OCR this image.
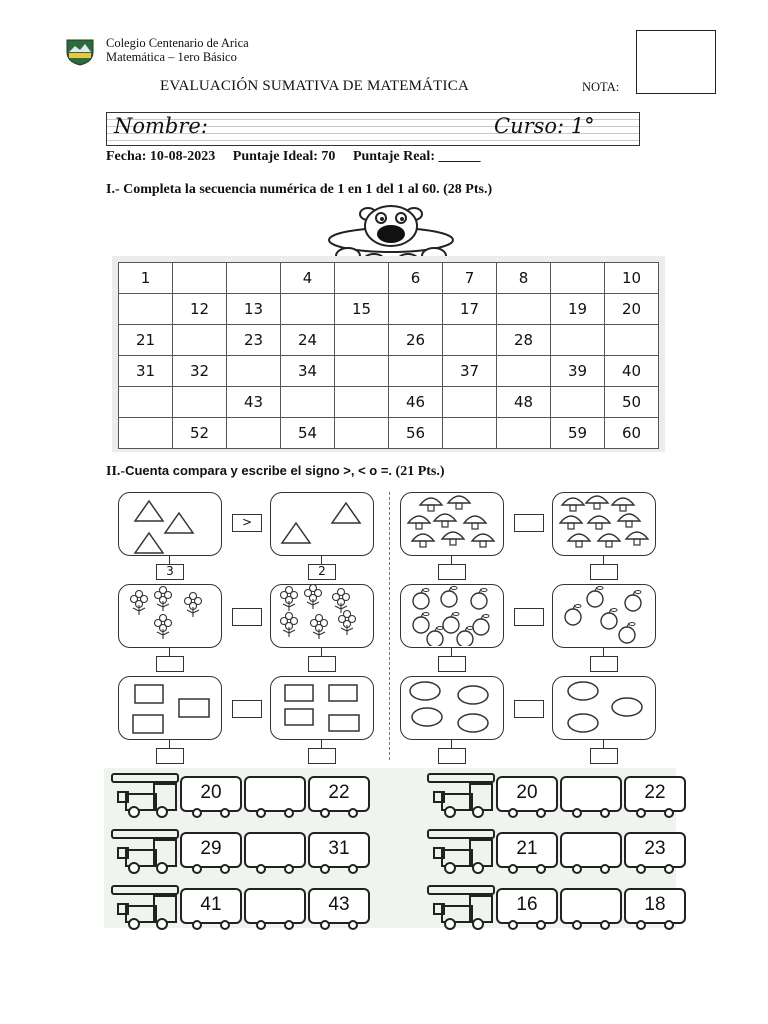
Colegio Centenario de Arica
Matemática – 1ero Básico
EVALUACIÓN SUMATIVA DE MATEMÁTICA	NOTA:
Nombre:	Curso: 1°
Fecha: 10-08-2023 Puntaje Ideal: 70 Puntaje Real: ______
I.- Completa la secuencia numérica de 1 en 1 del 1 al 60. (28 Pts.)
1			4		6	7	8		10
	12	13		15		17		19	20
21		23	24		26		28		
31	32		34			37		39	40
		43			46		48		50
	52		54		56			59	60
II.-Cuenta compara y escribe el signo >, < o =. (21 Pts.)
3	2
>
20	22	20	22
29	31	21	23
41	43	16	18
